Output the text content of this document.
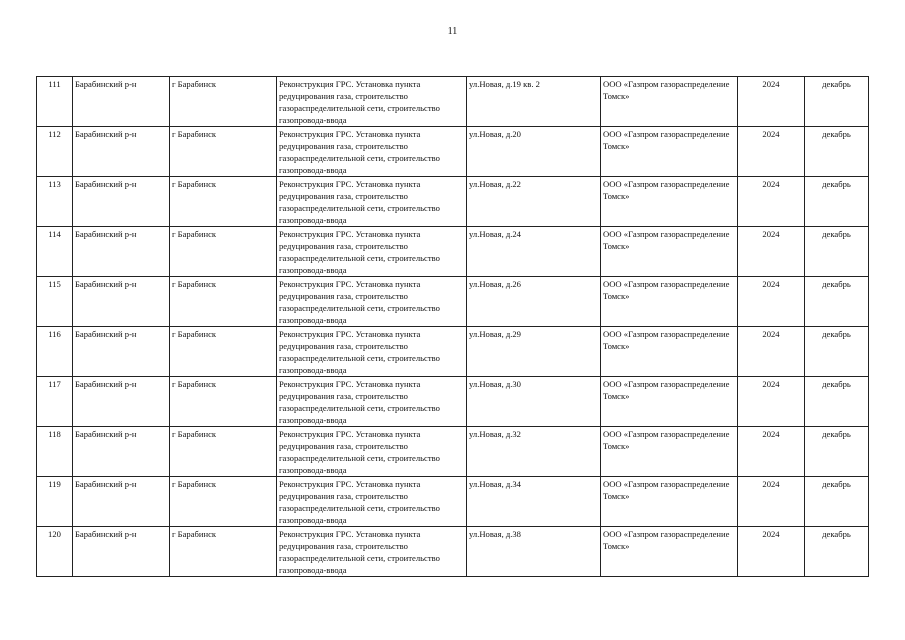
11
111	Барабинский р-н	г Барабинск	Реконструкция ГРС. Установка пункта редуцирования газа, строительство газораспределительной сети, строительство газопровода-ввода	ул.Новая, д.19 кв. 2	ООО «Газпром газораспределение Томск»	2024	декабрь
112	Барабинский р-н	г Барабинск	Реконструкция ГРС. Установка пункта редуцирования газа, строительство газораспределительной сети, строительство газопровода-ввода	ул.Новая, д.20	ООО «Газпром газораспределение Томск»	2024	декабрь
113	Барабинский р-н	г Барабинск	Реконструкция ГРС. Установка пункта редуцирования газа, строительство газораспределительной сети, строительство газопровода-ввода	ул.Новая, д.22	ООО «Газпром газораспределение Томск»	2024	декабрь
114	Барабинский р-н	г Барабинск	Реконструкция ГРС. Установка пункта редуцирования газа, строительство газораспределительной сети, строительство газопровода-ввода	ул.Новая, д.24	ООО «Газпром газораспределение Томск»	2024	декабрь
115	Барабинский р-н	г Барабинск	Реконструкция ГРС. Установка пункта редуцирования газа, строительство газораспределительной сети, строительство газопровода-ввода	ул.Новая, д.26	ООО «Газпром газораспределение Томск»	2024	декабрь
116	Барабинский р-н	г Барабинск	Реконструкция ГРС. Установка пункта редуцирования газа, строительство газораспределительной сети, строительство газопровода-ввода	ул.Новая, д.29	ООО «Газпром газораспределение Томск»	2024	декабрь
117	Барабинский р-н	г Барабинск	Реконструкция ГРС. Установка пункта редуцирования газа, строительство газораспределительной сети, строительство газопровода-ввода	ул.Новая, д.30	ООО «Газпром газораспределение Томск»	2024	декабрь
118	Барабинский р-н	г Барабинск	Реконструкция ГРС. Установка пункта редуцирования газа, строительство газораспределительной сети, строительство газопровода-ввода	ул.Новая, д.32	ООО «Газпром газораспределение Томск»	2024	декабрь
119	Барабинский р-н	г Барабинск	Реконструкция ГРС. Установка пункта редуцирования газа, строительство газораспределительной сети, строительство газопровода-ввода	ул.Новая, д.34	ООО «Газпром газораспределение Томск»	2024	декабрь
120	Барабинский р-н	г Барабинск	Реконструкция ГРС. Установка пункта редуцирования газа, строительство газораспределительной сети, строительство газопровода-ввода	ул.Новая, д.38	ООО «Газпром газораспределение Томск»	2024	декабрь
